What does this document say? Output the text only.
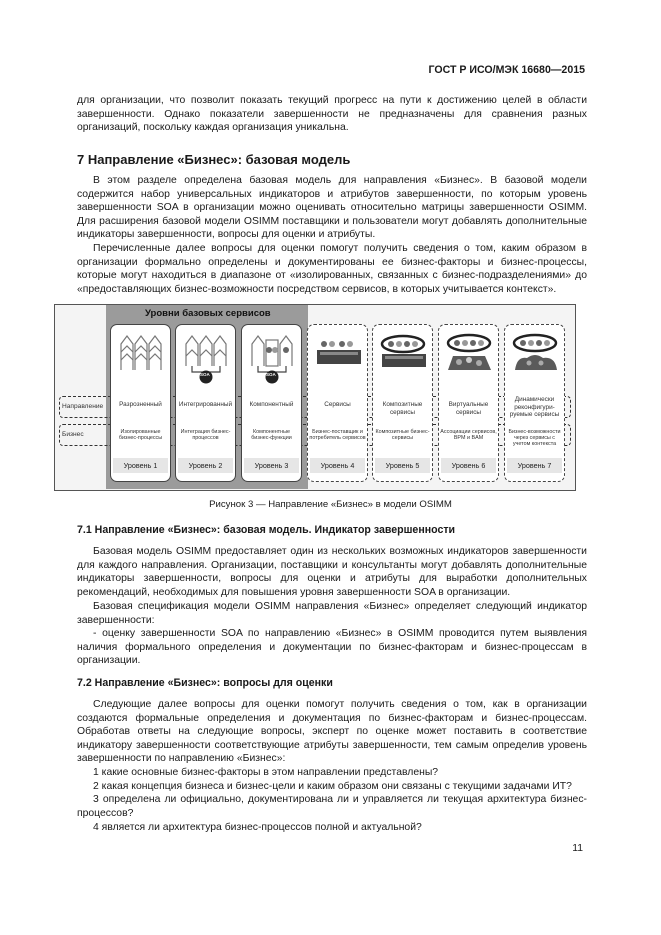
ГОСТ Р ИСО/МЭК 16680—2015

для организации, что позволит показать текущий прогресс на пути к достижению целей в области завершенности. Однако показатели завершенности не предназначены для сравнения разных организаций, поскольку каждая организация уникальна.

7 Направление «Бизнес»: базовая модель

В этом разделе определена базовая модель для направления «Бизнес». В базовой модели содержится набор универсальных индикаторов и атрибутов завершенности, по которым уровень завершенности SOA в организации можно оценивать относительно матрицы завершенности OSIMM. Для расширения базовой модели OSIMM поставщики и пользователи могут добавлять дополнительные индикаторы завершенности, вопросы для оценки и атрибуты.

Перечисленные далее вопросы для оценки помогут получить сведения о том, каким образом в организации формально определены и документированы ее бизнес-факторы и бизнес-процессы, которые могут находиться в диапазоне от «изолированных, связанных с бизнес-подразделениями» до «предоставляющих бизнес-возможности посредством сервисов, в которых учитывается контекст».

Уровни базовых сервисов
Направление
Бизнес
Разрозненный
Изолированные бизнес-процессы
Уровень 1
SOA
Интегрированный
Интеграция бизнес-процессов
Уровень 2
SOA
Компонентный
Компонентные бизнес-функции
Уровень 3
Сервисы
Бизнес-поставщик и потребитель сервисов
Уровень 4
Композитные сервисы
Композитные бизнес-сервисы
Уровень 5
Виртуальные сервисы
Ассоциации сервисов, BPM и BAM
Уровень 6
Динамически реконфигури-руемые сервисы
Бизнес-возможности через сервисы с учетом контекста
Уровень 7
Рисунок 3 — Направление «Бизнес» в модели OSIMM
7.1 Направление «Бизнес»: базовая модель. Индикатор завершенности

Базовая модель OSIMM предоставляет один из нескольких возможных индикаторов завершенности для каждого направления. Организации, поставщики и консультанты могут добавлять дополнительные индикаторы завершенности, вопросы для оценки и атрибуты для выработки дополнительных рекомендаций, необходимых для повышения уровня завершенности SOA в организации.

Базовая спецификация модели OSIMM направления «Бизнес» определяет следующий индикатор завершенности:

- оценку завершенности SOA по направлению «Бизнес» в OSIMM проводится путем выявления наличия формального определения и документации по бизнес-факторам и бизнес-процессам в организации.

7.2 Направление «Бизнес»: вопросы для оценки

Следующие далее вопросы для оценки помогут получить сведения о том, как в организации создаются формальные определения и документация по бизнес-факторам и бизнес-процессам. Обработав ответы на следующие вопросы, эксперт по оценке может поставить в соответствие индикатору завершенности соответствующие атрибуты завершенности, тем самым определив уровень завершенности по направлению «Бизнес»:

1 какие основные бизнес-факторы в этом направлении представлены?

2 какая концепция бизнеса и бизнес-цели и каким образом они связаны с текущими задачами ИТ?

3 определена ли официально, документирована ли и управляется ли текущая архитектура бизнес-процессов?

4 является ли архитектура бизнес-процессов полной и актуальной?

11
